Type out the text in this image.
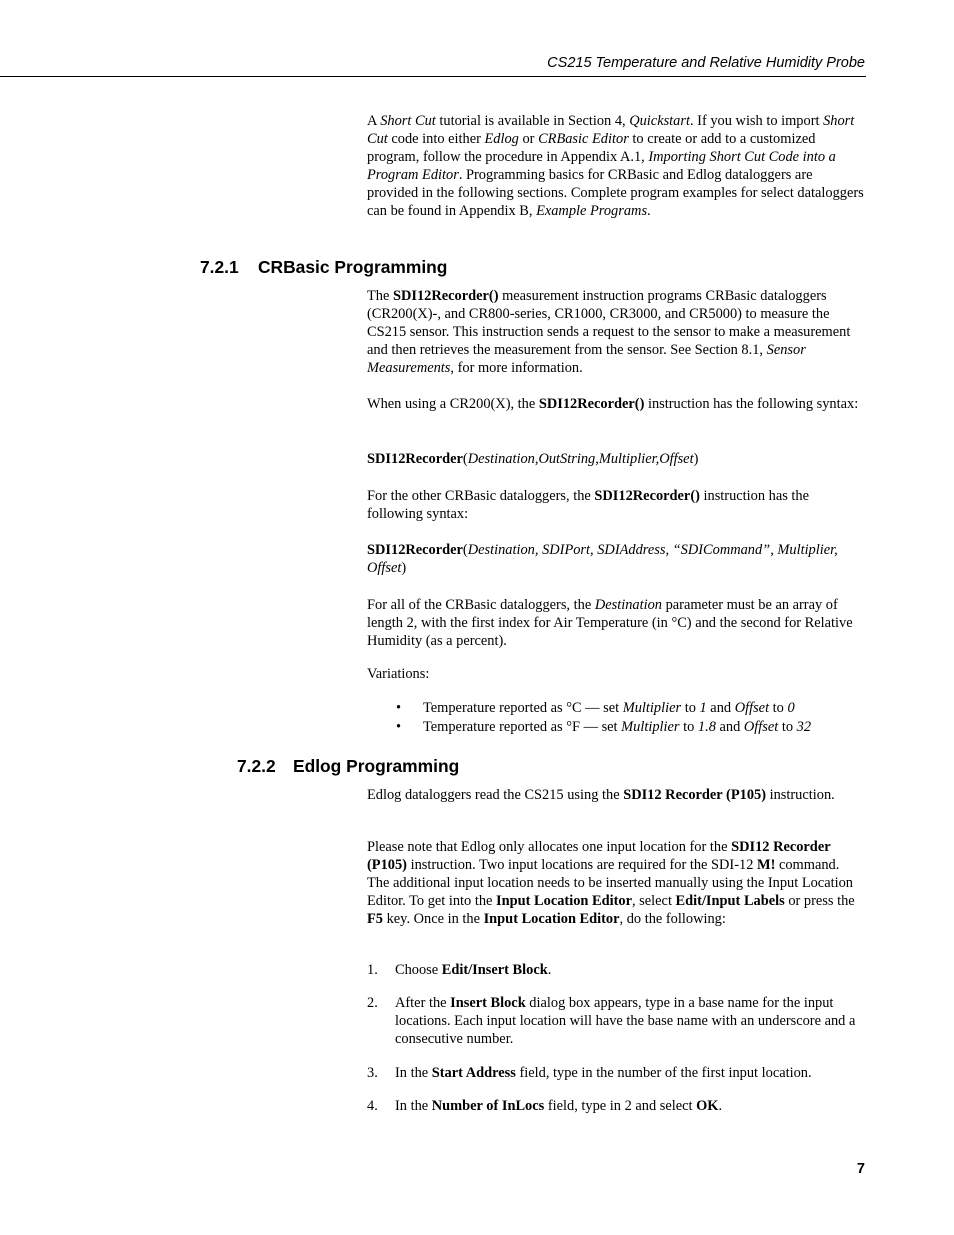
CS215 Temperature and Relative Humidity Probe

A Short Cut tutorial is available in Section 4, Quickstart. If you wish to import Short Cut code into either Edlog or CRBasic Editor to create or add to a customized program, follow the procedure in Appendix A.1, Importing Short Cut Code into a Program Editor. Programming basics for CRBasic and Edlog dataloggers are provided in the following sections. Complete program examples for select dataloggers can be found in Appendix B, Example Programs.

7.2.1 CRBasic Programming

The SDI12Recorder() measurement instruction programs CRBasic dataloggers (CR200(X)-, and CR800-series, CR1000, CR3000, and CR5000) to measure the CS215 sensor. This instruction sends a request to the sensor to make a measurement and then retrieves the measurement from the sensor. See Section 8.1, Sensor Measurements, for more information.

When using a CR200(X), the SDI12Recorder() instruction has the following syntax:

SDI12Recorder(Destination,OutString,Multiplier,Offset)

For the other CRBasic dataloggers, the SDI12Recorder() instruction has the following syntax:

SDI12Recorder(Destination, SDIPort, SDIAddress, “SDICommand”, Multiplier, Offset)

For all of the CRBasic dataloggers, the Destination parameter must be an array of length 2, with the first index for Air Temperature (in °C) and the second for Relative Humidity (as a percent).

Variations:

• Temperature reported as °C — set Multiplier to 1 and Offset to 0
• Temperature reported as °F — set Multiplier to 1.8 and Offset to 32
7.2.2 Edlog Programming

Edlog dataloggers read the CS215 using the SDI12 Recorder (P105) instruction.

Please note that Edlog only allocates one input location for the SDI12 Recorder (P105) instruction. Two input locations are required for the SDI-12 M! command. The additional input location needs to be inserted manually using the Input Location Editor. To get into the Input Location Editor, select Edit/Input Labels or press the F5 key. Once in the Input Location Editor, do the following:

1. Choose Edit/Insert Block.
2. After the Insert Block dialog box appears, type in a base name for the input locations. Each input location will have the base name with an underscore and a consecutive number.
3. In the Start Address field, type in the number of the first input location.
4. In the Number of InLocs field, type in 2 and select OK.
7
